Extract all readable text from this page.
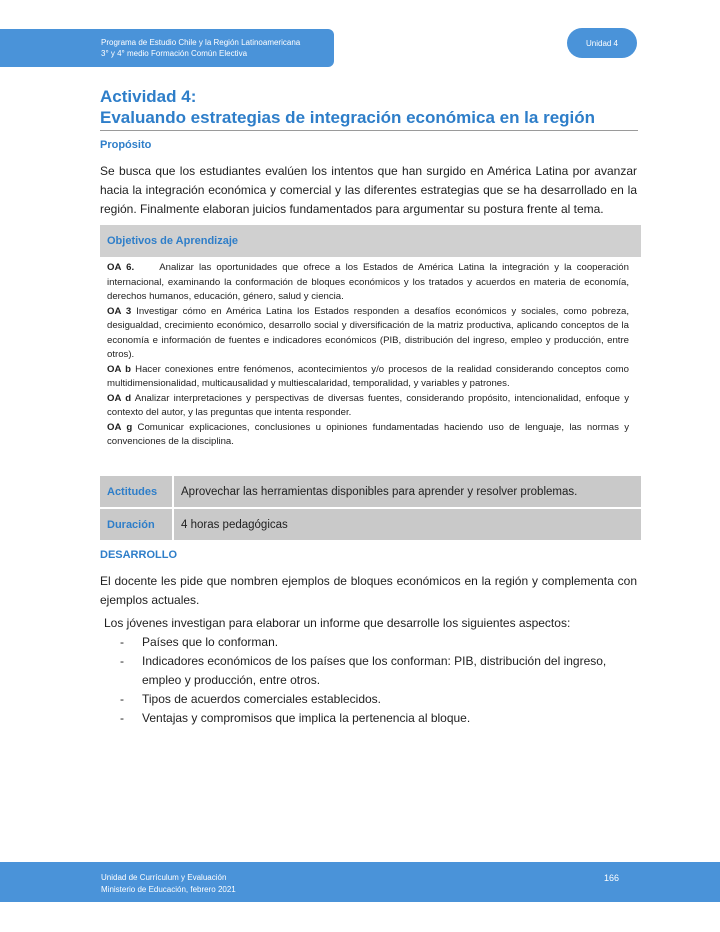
Programa de Estudio Chile y la Región Latinoamericana
3° y 4° medio Formación Común Electiva
Unidad 4
Actividad 4:
Evaluando estrategias de integración económica en la región
Propósito

Se busca que los estudiantes evalúen los intentos que han surgido en América Latina por avanzar hacia la integración económica y comercial y las diferentes estrategias que se ha desarrollado en la región. Finalmente elaboran juicios fundamentados para argumentar su postura frente al tema.

Objetivos de Aprendizaje

OA 6.	Analizar las oportunidades que ofrece a los Estados de América Latina la integración y la cooperación internacional, examinando la conformación de bloques económicos y los tratados y acuerdos en materia de economía, derechos humanos, educación, género, salud y ciencia.

OA 3 Investigar cómo en América Latina los Estados responden a desafíos económicos y sociales, como pobreza, desigualdad, crecimiento económico, desarrollo social y diversificación de la matriz productiva, aplicando conceptos de la economía e información de fuentes e indicadores económicos (PIB, distribución del ingreso, empleo y producción, entre otros).

OA b Hacer conexiones entre fenómenos, acontecimientos y/o procesos de la realidad considerando conceptos como multidimensionalidad, multicausalidad y multiescalaridad, temporalidad, y variables y patrones.

OA d Analizar interpretaciones y perspectivas de diversas fuentes, considerando propósito, intencionalidad, enfoque y contexto del autor, y las preguntas que intenta responder.

OA g Comunicar explicaciones, conclusiones u opiniones fundamentadas haciendo uso de lenguaje, las normas y convenciones de la disciplina.

Actitudes Aprovechar las herramientas disponibles para aprender y resolver problemas.
Duración 4 horas pedagógicas
DESARROLLO

El docente les pide que nombren ejemplos de bloques económicos en la región y complementa con ejemplos actuales.

Los jóvenes investigan para elaborar un informe que desarrolle los siguientes aspectos:

- Países que lo conforman.
- Indicadores económicos de los países que los conforman: PIB, distribución del ingreso, empleo y producción, entre otros.
- Tipos de acuerdos comerciales establecidos.
- Ventajas y compromisos que implica la pertenencia al bloque.
Unidad de Currículum y Evaluación
Ministerio de Educación, febrero 2021
166
